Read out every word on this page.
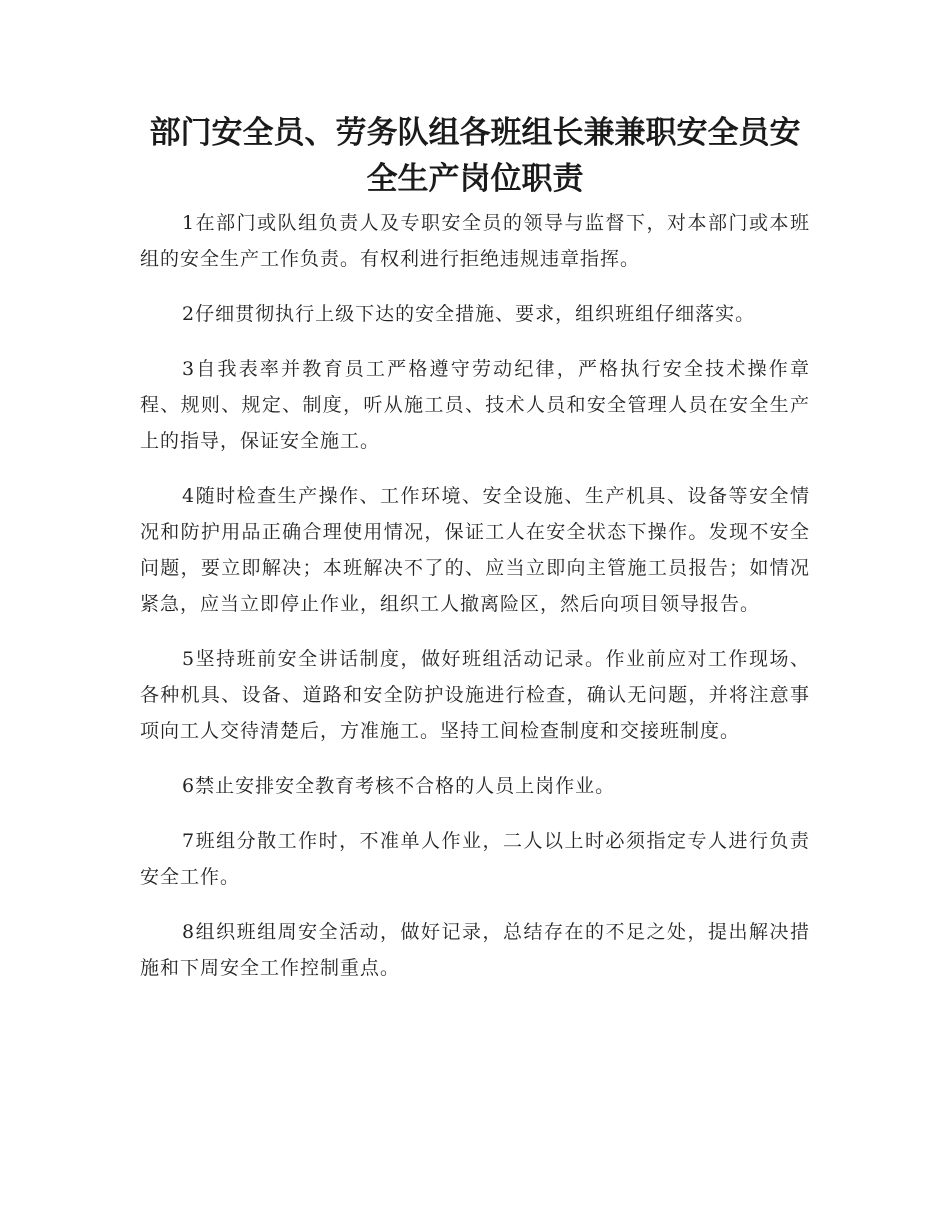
部门安全员、劳务队组各班组长兼兼职安全员安全生产岗位职责

1在部门或队组负责人及专职安全员的领导与监督下，对本部门或本班组的安全生产工作负责。有权利进行拒绝违规违章指挥。

2仔细贯彻执行上级下达的安全措施、要求，组织班组仔细落实。

3自我表率并教育员工严格遵守劳动纪律，严格执行安全技术操作章程、规则、规定、制度，听从施工员、技术人员和安全管理人员在安全生产上的指导，保证安全施工。

4随时检查生产操作、工作环境、安全设施、生产机具、设备等安全情况和防护用品正确合理使用情况，保证工人在安全状态下操作。发现不安全问题，要立即解决；本班解决不了的、应当立即向主管施工员报告；如情况紧急，应当立即停止作业，组织工人撤离险区，然后向项目领导报告。

5坚持班前安全讲话制度，做好班组活动记录。作业前应对工作现场、各种机具、设备、道路和安全防护设施进行检查，确认无问题，并将注意事项向工人交待清楚后，方准施工。坚持工间检查制度和交接班制度。

6禁止安排安全教育考核不合格的人员上岗作业。

7班组分散工作时，不准单人作业，二人以上时必须指定专人进行负责安全工作。

8组织班组周安全活动，做好记录，总结存在的不足之处，提出解决措施和下周安全工作控制重点。
